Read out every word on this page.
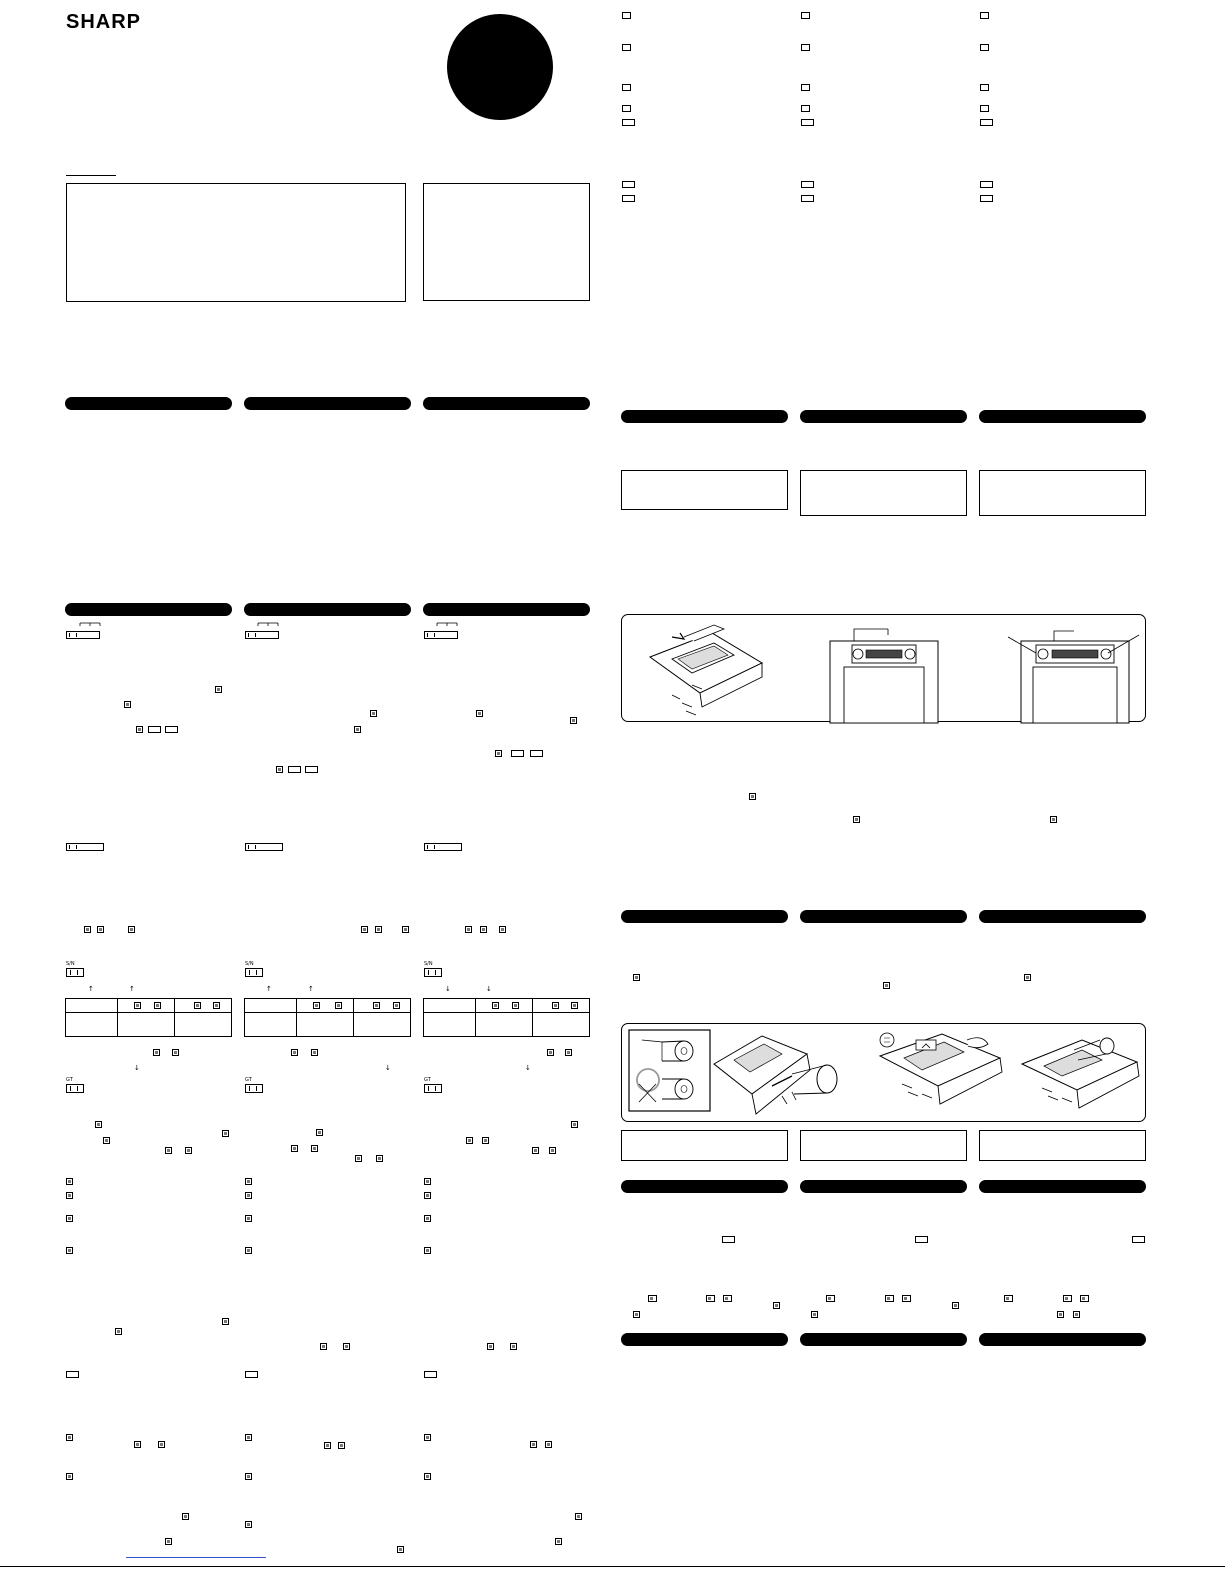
SHARP
S/N	S/N	S/N
↑	↑	↑	↑	↓	↓
↓	↓	↓
GT	GT	GT
